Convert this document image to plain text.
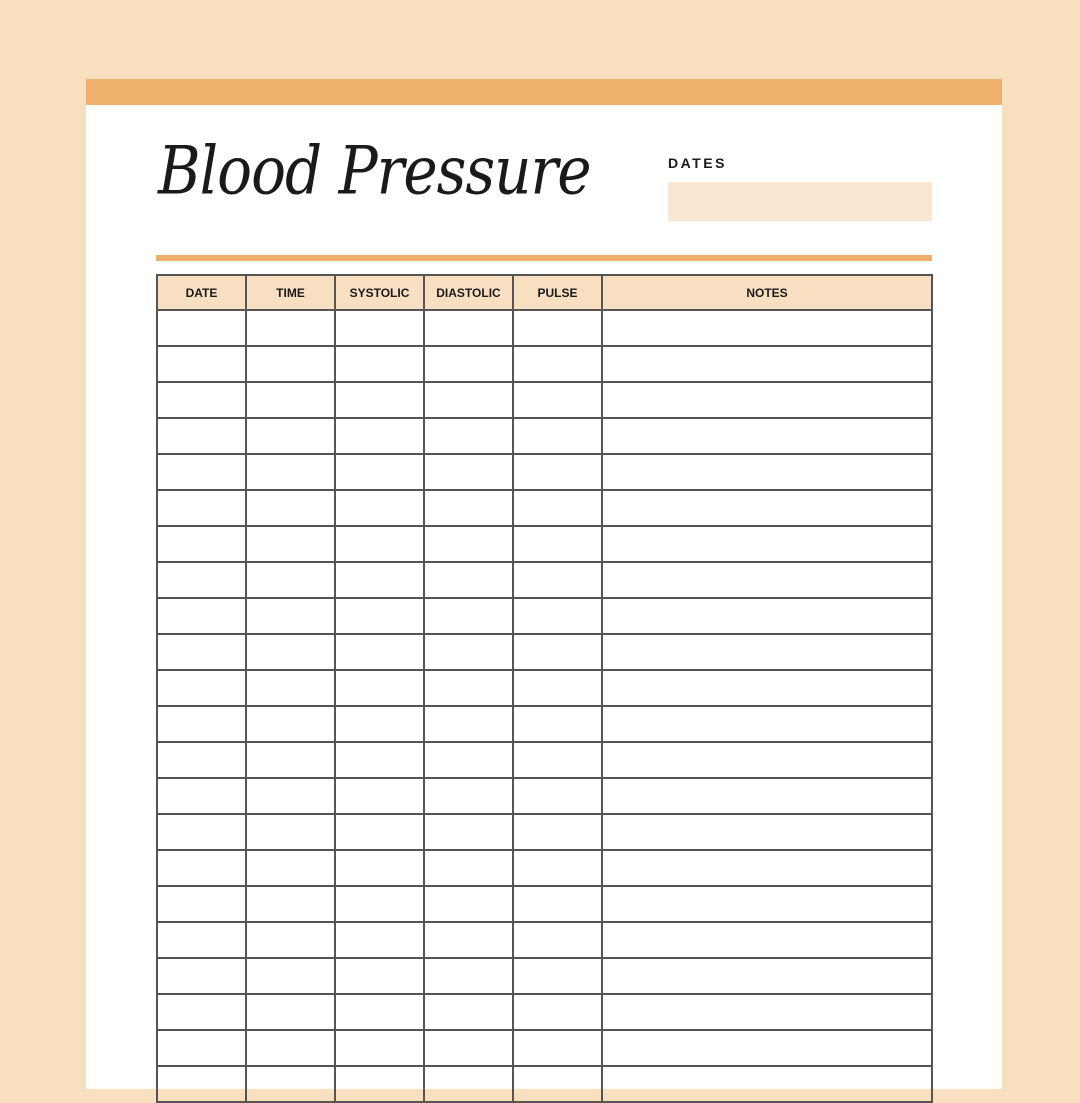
Blood Pressure	DATES
DATE	TIME	SYSTOLIC	DIASTOLIC	PULSE	NOTES
